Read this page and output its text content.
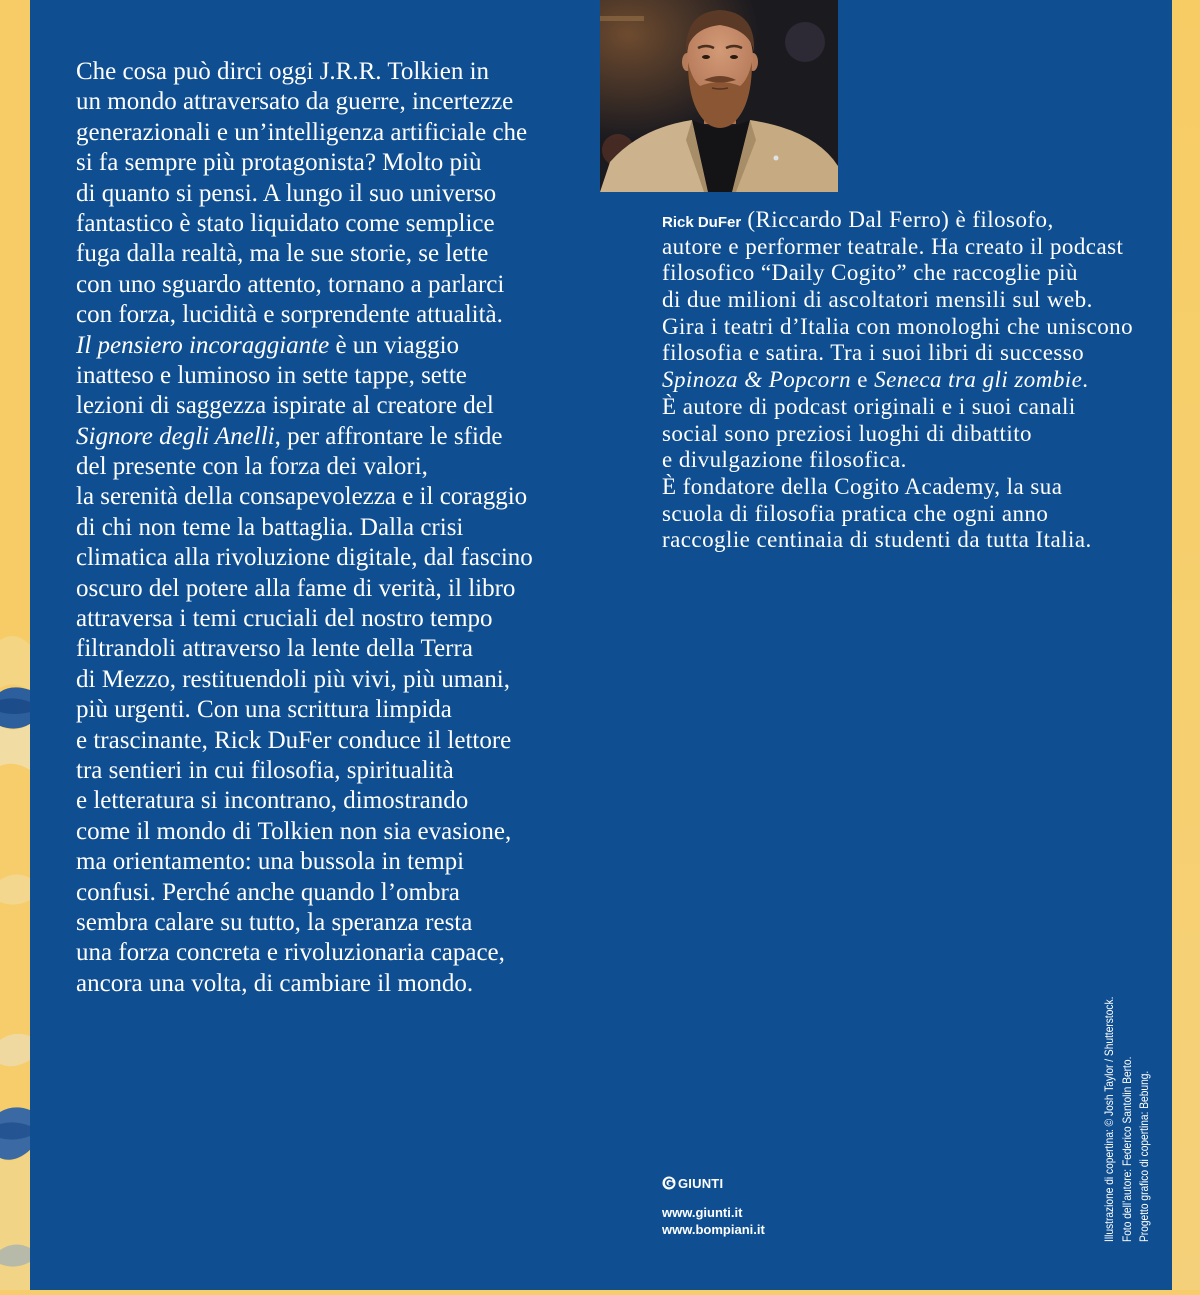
Che cosa può dirci oggi J.R.R. Tolkien in
un mondo attraversato da guerre, incertezze
generazionali e un’intelligenza artificiale che
si fa sempre più protagonista? Molto più
di quanto si pensi. A lungo il suo universo
fantastico è stato liquidato come semplice
fuga dalla realtà, ma le sue storie, se lette
con uno sguardo attento, tornano a parlarci
con forza, lucidità e sorprendente attualità.
Il pensiero incoraggiante è un viaggio
inatteso e luminoso in sette tappe, sette
lezioni di saggezza ispirate al creatore del
Signore degli Anelli, per affrontare le sfide
del presente con la forza dei valori,
la serenità della consapevolezza e il coraggio
di chi non teme la battaglia. Dalla crisi
climatica alla rivoluzione digitale, dal fascino
oscuro del potere alla fame di verità, il libro
attraversa i temi cruciali del nostro tempo
filtrandoli attraverso la lente della Terra
di Mezzo, restituendoli più vivi, più umani,
più urgenti. Con una scrittura limpida
e trascinante, Rick DuFer conduce il lettore
tra sentieri in cui filosofia, spiritualità
e letteratura si incontrano, dimostrando
come il mondo di Tolkien non sia evasione,
ma orientamento: una bussola in tempi
confusi. Perché anche quando l’ombra
sembra calare su tutto, la speranza resta
una forza concreta e rivoluzionaria capace,
ancora una volta, di cambiare il mondo.
Rick DuFer (Riccardo Dal Ferro) è filosofo,
autore e performer teatrale. Ha creato il podcast
filosofico “Daily Cogito” che raccoglie più
di due milioni di ascoltatori mensili sul web.
Gira i teatri d’Italia con monologhi che uniscono
filosofia e satira. Tra i suoi libri di successo
Spinoza & Popcorn e Seneca tra gli zombie.
È autore di podcast originali e i suoi canali
social sono preziosi luoghi di dibattito
e divulgazione filosofica.
È fondatore della Cogito Academy, la sua
scuola di filosofia pratica che ogni anno
raccoglie centinaia di studenti da tutta Italia.
GIUNTI
www.giunti.it
www.bompiani.it	Illustrazione di copertina: © Josh Taylor / Shutterstock. Foto dell’autore: Federico Santolin Berto. Progetto grafico di copertina: Bebung.
